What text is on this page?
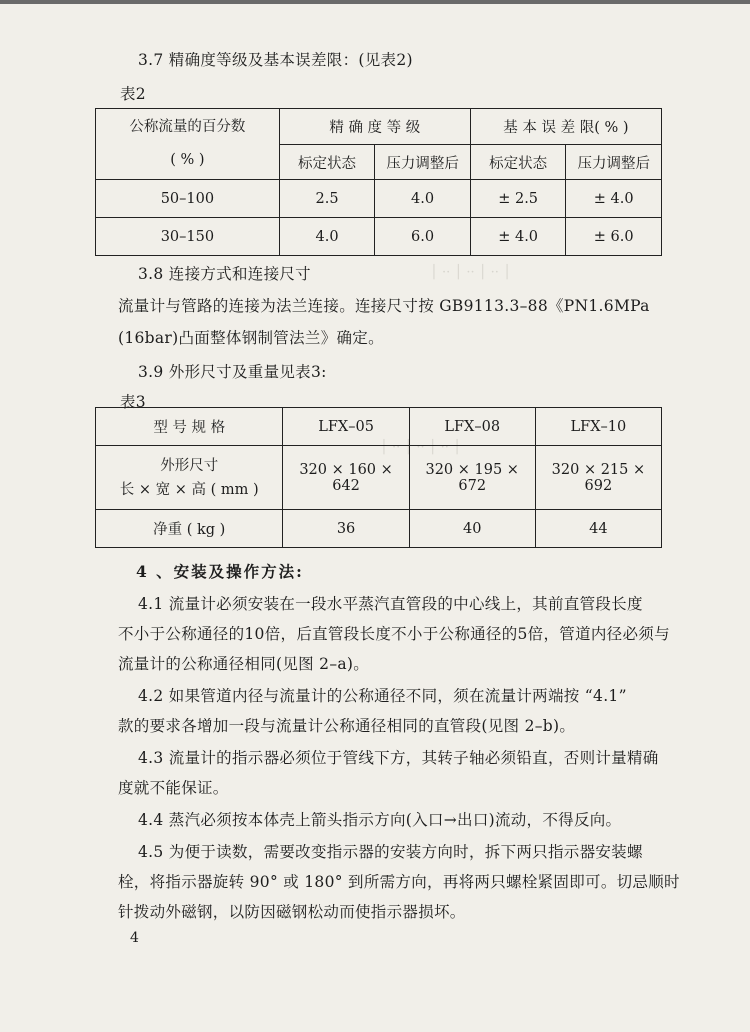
│ ·· │ ·· │ ·· │
│ ·· │ ·· │ ·· │
3.7 精确度等级及基本误差限：(见表2)
表2
公称流量的百分数
( % )	精 确 度 等 级		基 本 误 差 限( % )	
	标定状态	压力调整后	标定状态	压力调整后
50–100	2.5	4.0	± 2.5	± 4.0
30–150	4.0	6.0	± 4.0	± 6.0
3.8 连接方式和连接尺寸
流量计与管路的连接为法兰连接。连接尺寸按 GB9113.3–88《PN1.6MPa
(16bar)凸面整体钢制管法兰》确定。
3.9 外形尺寸及重量见表3:
表3
型 号 规 格	LFX–05	LFX–08	LFX–10

外形尺寸
长 × 宽 × 高 ( mm )	320 × 160 × 642	320 × 195 × 672	320 × 215 × 692
净重 ( kg )	36	40	44
4 、安装及操作方法:
4.1 流量计必须安装在一段水平蒸汽直管段的中心线上，其前直管段长度
不小于公称通径的10倍，后直管段长度不小于公称通径的5倍，管道内径必须与
流量计的公称通径相同(见图 2–a)。
4.2 如果管道内径与流量计的公称通径不同，须在流量计两端按 “4.1”
款的要求各增加一段与流量计公称通径相同的直管段(见图 2–b)。
4.3 流量计的指示器必须位于管线下方，其转子轴必须铅直，否则计量精确
度就不能保证。
4.4 蒸汽必须按本体壳上箭头指示方向(入口→出口)流动，不得反向。
4.5 为便于读数，需要改变指示器的安装方向时，拆下两只指示器安装螺
栓，将指示器旋转 90° 或 180° 到所需方向，再将两只螺栓紧固即可。切忌顺时
针拨动外磁钢，以防因磁钢松动而使指示器损坏。
4
